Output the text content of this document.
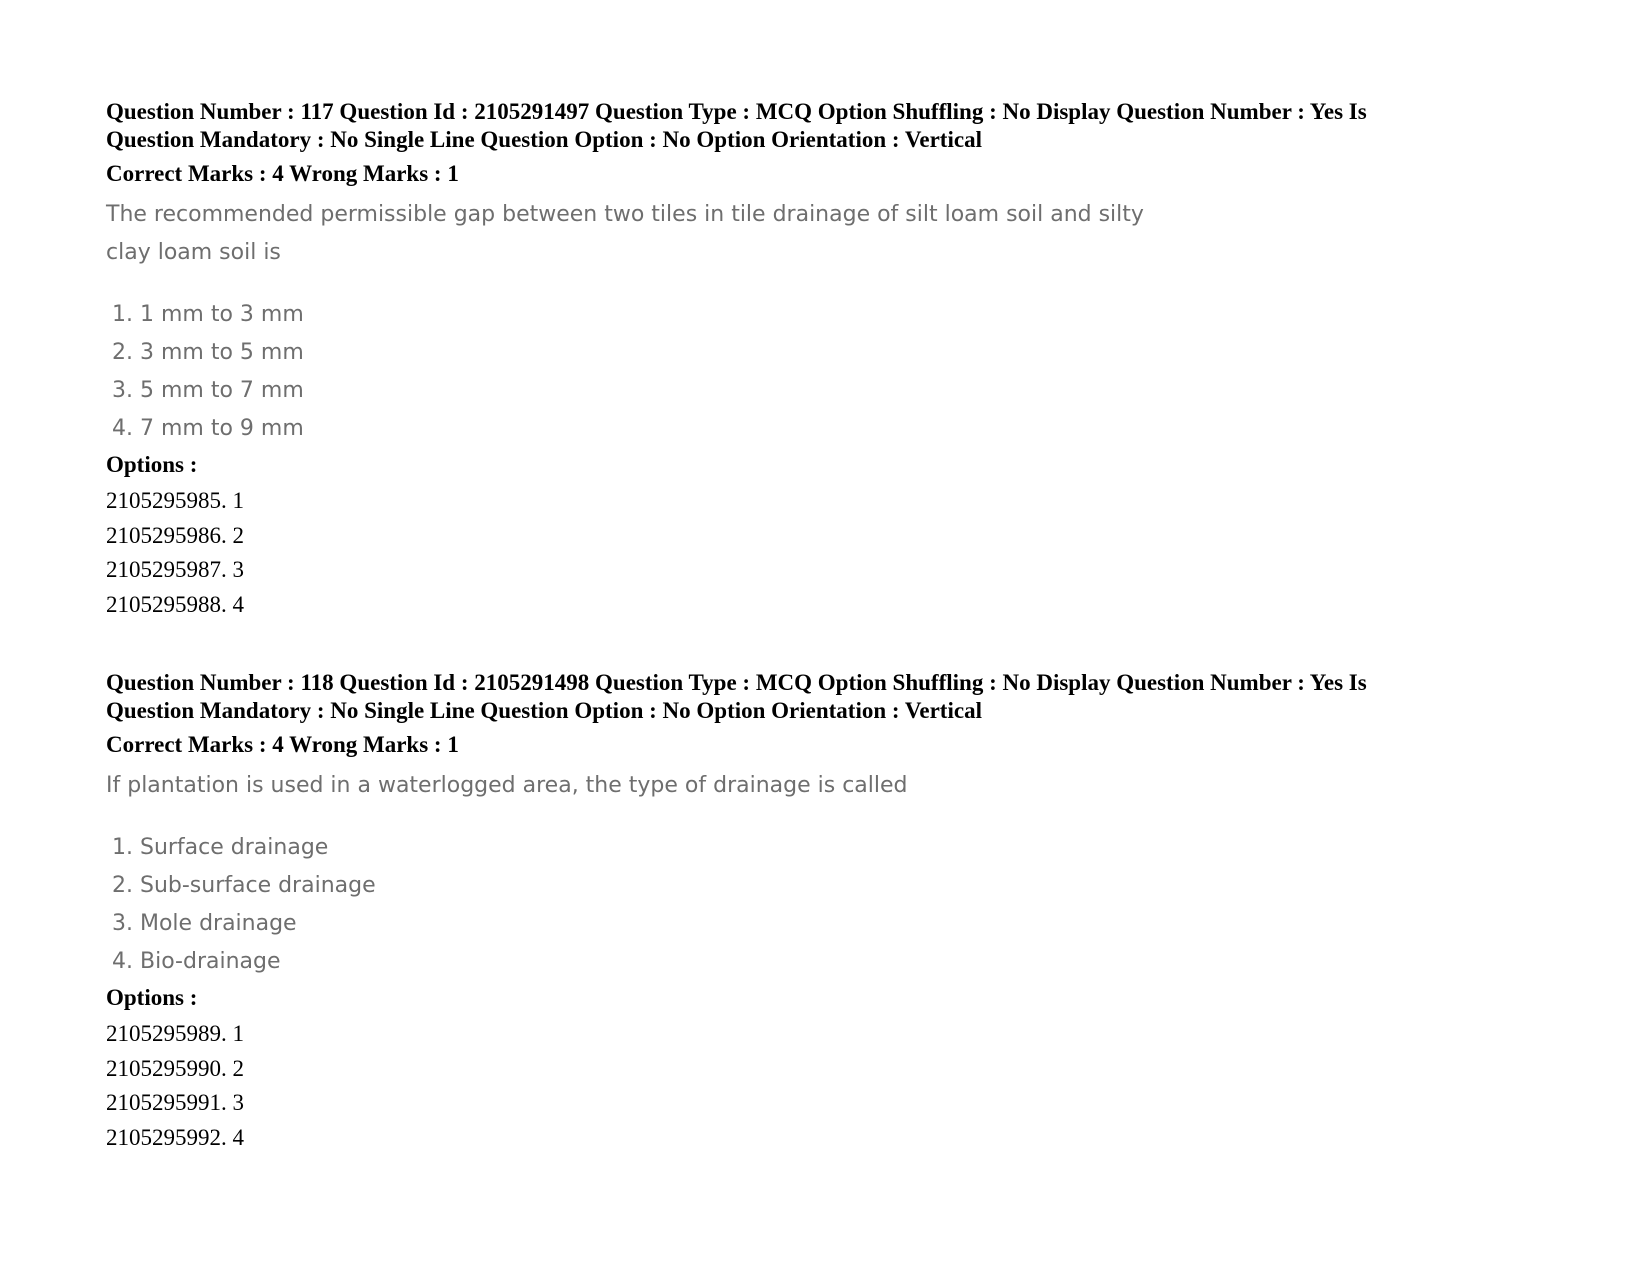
Question Number : 117 Question Id : 2105291497 Question Type : MCQ Option Shuffling : No Display Question Number : Yes Is
Question Mandatory : No Single Line Question Option : No Option Orientation : Vertical

Correct Marks : 4 Wrong Marks : 1

The recommended permissible gap between two tiles in tile drainage of silt loam soil and silty clay loam soil is

1. 1 mm to 3 mm
2. 3 mm to 5 mm
3. 5 mm to 7 mm
4. 7 mm to 9 mm

Options :

2105295985. 1
2105295986. 2
2105295987. 3
2105295988. 4

Question Number : 118 Question Id : 2105291498 Question Type : MCQ Option Shuffling : No Display Question Number : Yes Is
Question Mandatory : No Single Line Question Option : No Option Orientation : Vertical

Correct Marks : 4 Wrong Marks : 1

If plantation is used in a waterlogged area, the type of drainage is called

1. Surface drainage
2. Sub-surface drainage
3. Mole drainage
4. Bio-drainage

Options :

2105295989. 1
2105295990. 2
2105295991. 3
2105295992. 4
